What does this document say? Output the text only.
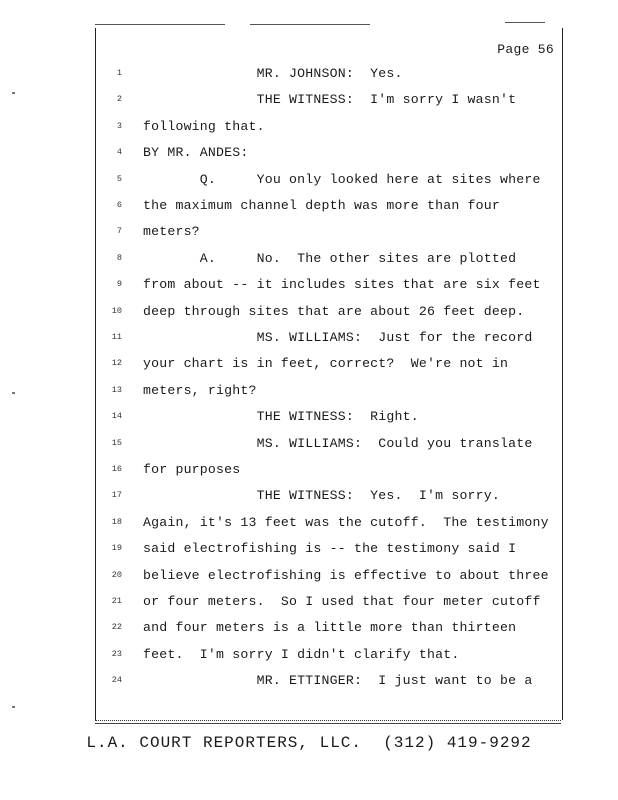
Page 56
1 MR. JOHNSON:  Yes.
2 THE WITNESS:  I'm sorry I wasn't
3 following that.
4 BY MR. ANDES:
5 Q.     You only looked here at sites where
6 the maximum channel depth was more than four
7 meters?
8 A.     No.  The other sites are plotted
9 from about -- it includes sites that are six feet
10 deep through sites that are about 26 feet deep.
11 MS. WILLIAMS:  Just for the record
12 your chart is in feet, correct?  We're not in
13 meters, right?
14 THE WITNESS:  Right.
15 MS. WILLIAMS:  Could you translate
16 for purposes
17 THE WITNESS:  Yes.  I'm sorry.
18 Again, it's 13 feet was the cutoff.  The testimony
19 said electrofishing is -- the testimony said I
20 believe electrofishing is effective to about three
21 or four meters.  So I used that four meter cutoff
22 and four meters is a little more than thirteen
23 feet.  I'm sorry I didn't clarify that.
24 MR. ETTINGER:  I just want to be a
L.A. COURT REPORTERS, LLC.  (312) 419-9292
